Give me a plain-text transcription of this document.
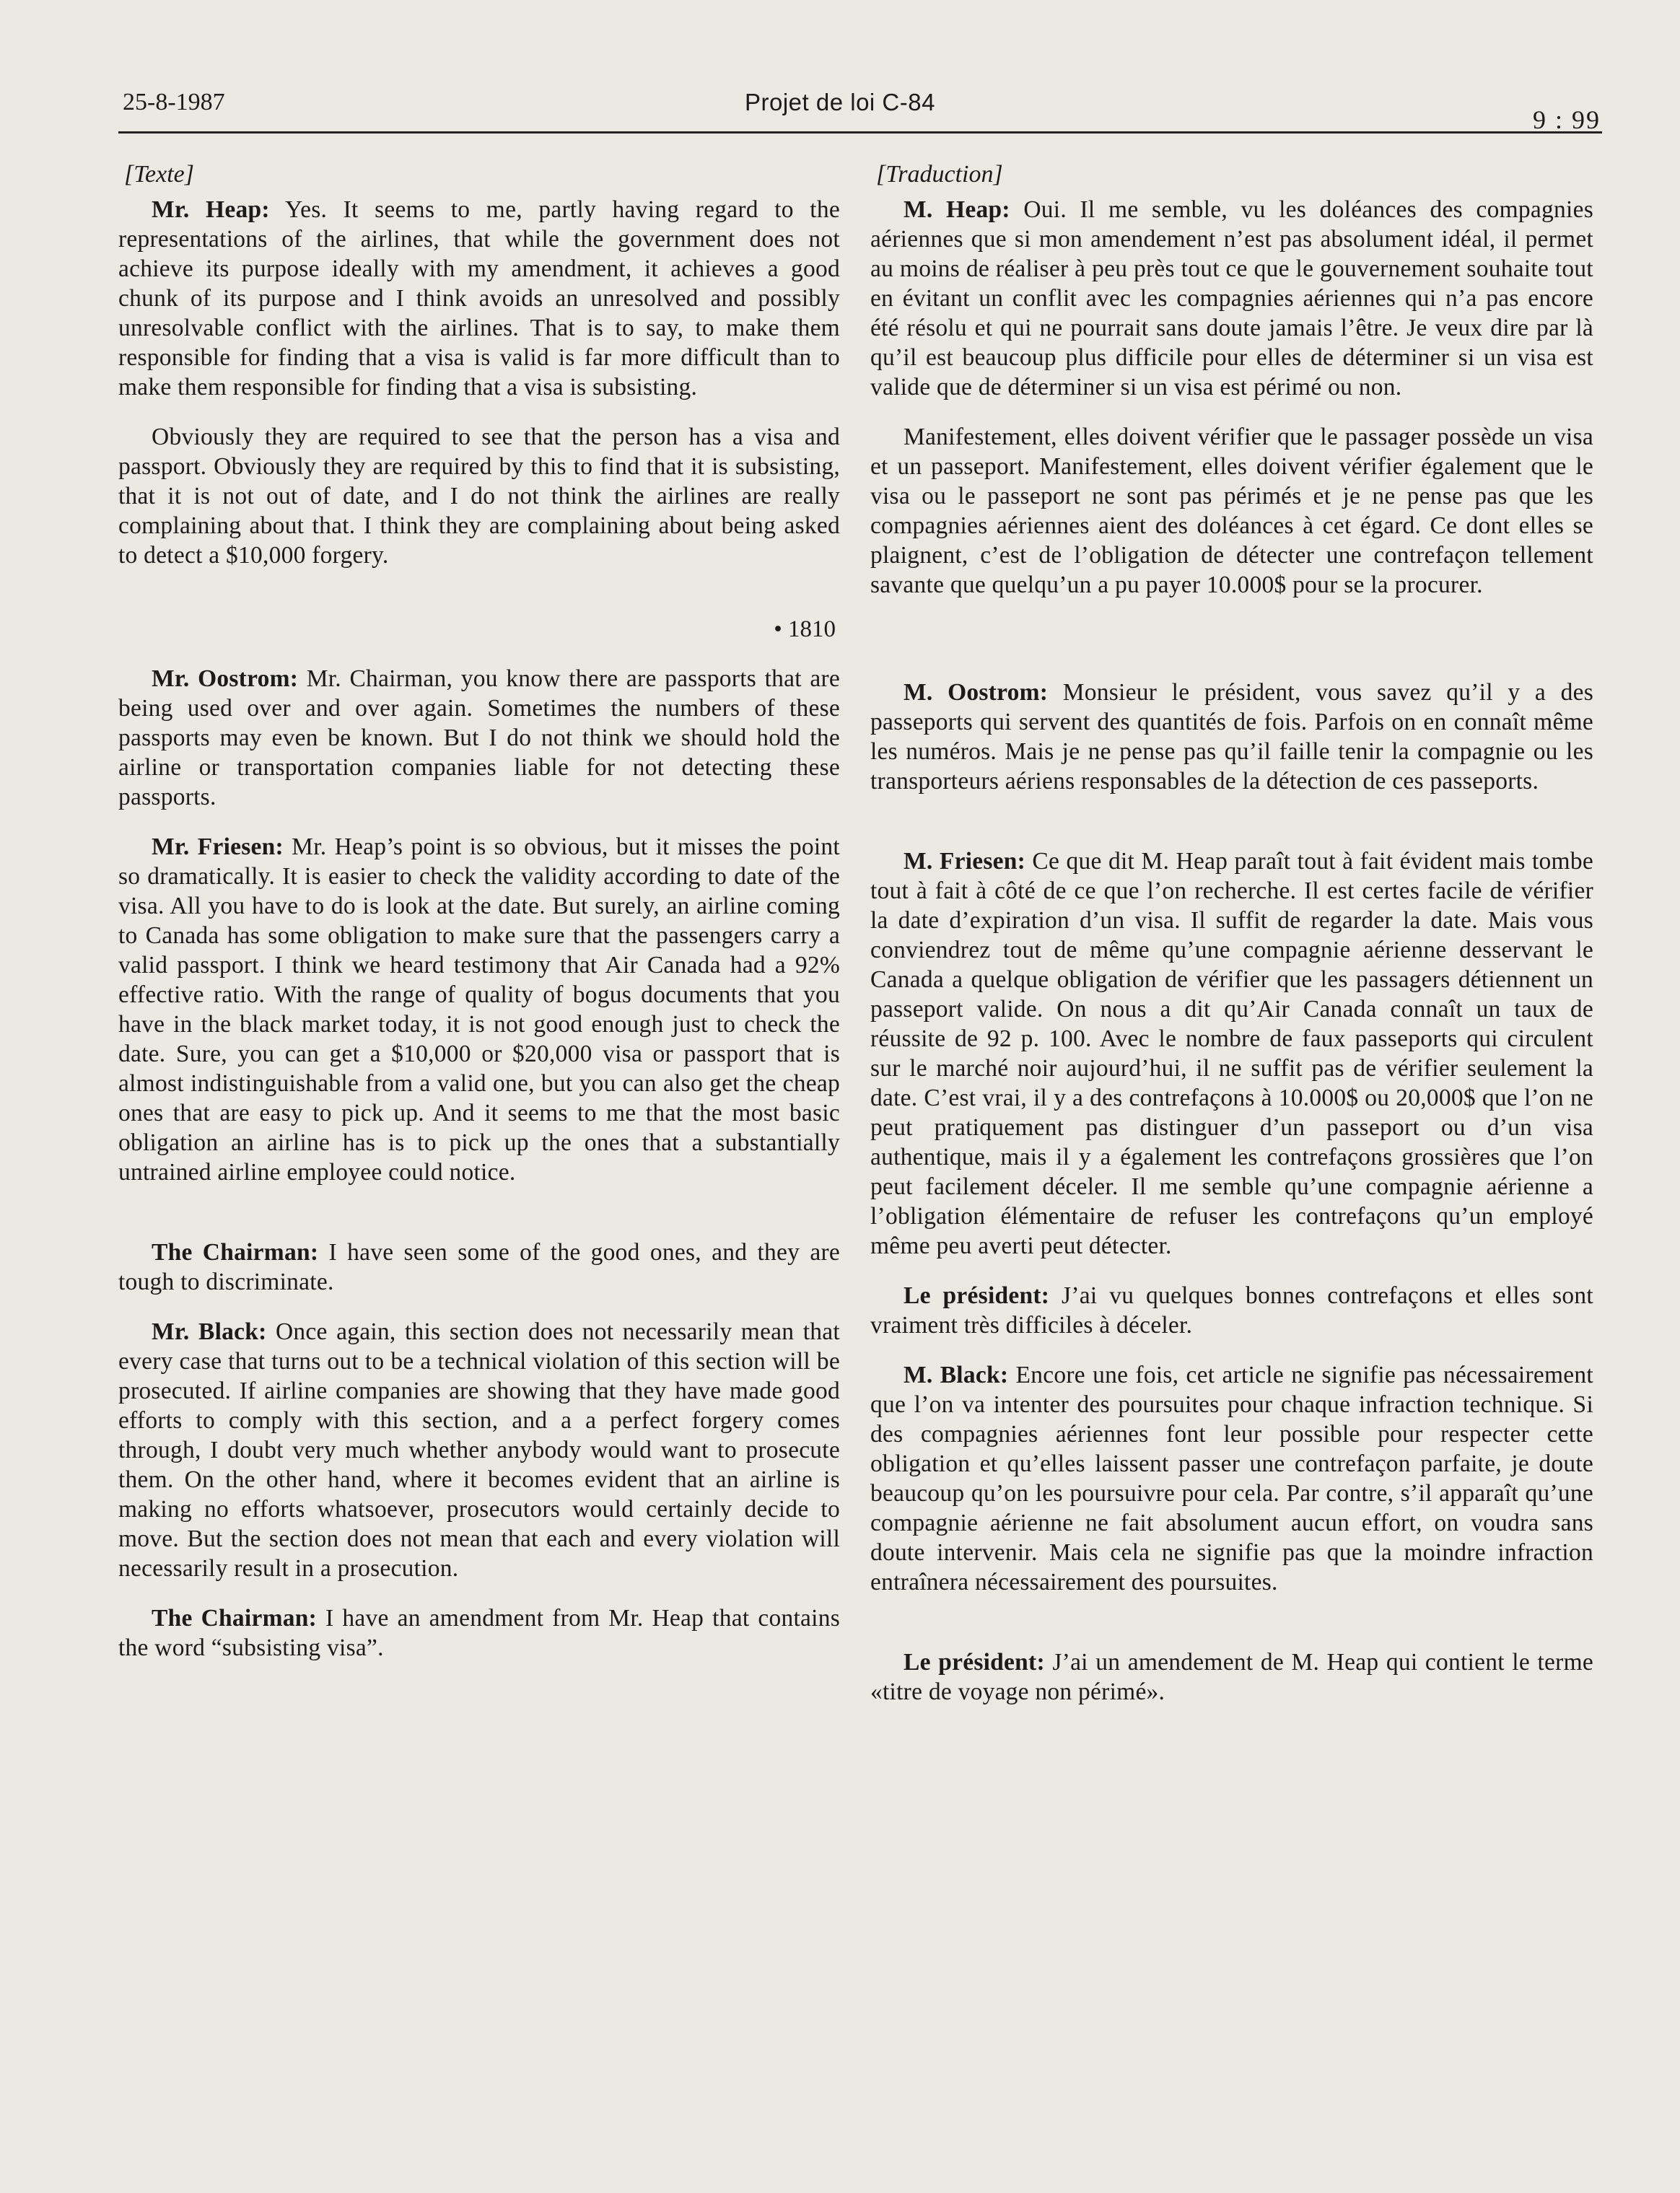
25-8-1987	Projet de loi C-84
9 : 99
[Texte]

Mr. Heap: Yes. It seems to me, partly having regard to the representations of the airlines, that while the government does not achieve its purpose ideally with my amendment, it achieves a good chunk of its purpose and I think avoids an unresolved and possibly unresolvable conflict with the airlines. That is to say, to make them responsible for finding that a visa is valid is far more difficult than to make them responsible for finding that a visa is subsisting.

Obviously they are required to see that the person has a visa and passport. Obviously they are required by this to find that it is subsisting, that it is not out of date, and I do not think the airlines are really complaining about that. I think they are complaining about being asked to detect a $10,000 forgery.

• 1810

Mr. Oostrom: Mr. Chairman, you know there are passports that are being used over and over again. Sometimes the numbers of these passports may even be known. But I do not think we should hold the airline or transportation companies liable for not detecting these passports.

Mr. Friesen: Mr. Heap’s point is so obvious, but it misses the point so dramatically. It is easier to check the validity according to date of the visa. All you have to do is look at the date. But surely, an airline coming to Canada has some obligation to make sure that the passengers carry a valid passport. I think we heard testimony that Air Canada had a 92% effective ratio. With the range of quality of bogus documents that you have in the black market today, it is not good enough just to check the date. Sure, you can get a $10,000 or $20,000 visa or passport that is almost indistinguishable from a valid one, but you can also get the cheap ones that are easy to pick up. And it seems to me that the most basic obligation an airline has is to pick up the ones that a substantially untrained airline employee could notice.

The Chairman: I have seen some of the good ones, and they are tough to discriminate.

Mr. Black: Once again, this section does not necessarily mean that every case that turns out to be a technical violation of this section will be prosecuted. If airline companies are showing that they have made good efforts to comply with this section, and a a perfect forgery comes through, I doubt very much whether anybody would want to prosecute them. On the other hand, where it becomes evident that an airline is making no efforts whatsoever, prosecutors would certainly decide to move. But the section does not mean that each and every violation will necessarily result in a prosecution.

The Chairman: I have an amendment from Mr. Heap that contains the word “subsisting visa”.

[Traduction]

M. Heap: Oui. Il me semble, vu les doléances des compagnies aériennes que si mon amendement n’est pas absolument idéal, il permet au moins de réaliser à peu près tout ce que le gouvernement souhaite tout en évitant un conflit avec les compagnies aériennes qui n’a pas encore été résolu et qui ne pourrait sans doute jamais l’être. Je veux dire par là qu’il est beaucoup plus difficile pour elles de déterminer si un visa est valide que de déterminer si un visa est périmé ou non.

Manifestement, elles doivent vérifier que le passager possède un visa et un passeport. Manifestement, elles doivent vérifier également que le visa ou le passeport ne sont pas périmés et je ne pense pas que les compagnies aériennes aient des doléances à cet égard. Ce dont elles se plaignent, c’est de l’obligation de détecter une contrefaçon tellement savante que quelqu’un a pu payer 10.000$ pour se la procurer.

M. Oostrom: Monsieur le président, vous savez qu’il y a des passeports qui servent des quantités de fois. Parfois on en connaît même les numéros. Mais je ne pense pas qu’il faille tenir la compagnie ou les transporteurs aériens responsables de la détection de ces passeports.

M. Friesen: Ce que dit M. Heap paraît tout à fait évident mais tombe tout à fait à côté de ce que l’on recherche. Il est certes facile de vérifier la date d’expiration d’un visa. Il suffit de regarder la date. Mais vous conviendrez tout de même qu’une compagnie aérienne desservant le Canada a quelque obligation de vérifier que les passagers détiennent un passeport valide. On nous a dit qu’Air Canada connaît un taux de réussite de 92 p. 100. Avec le nombre de faux passeports qui circulent sur le marché noir aujourd’hui, il ne suffit pas de vérifier seulement la date. C’est vrai, il y a des contrefaçons à 10.000$ ou 20,000$ que l’on ne peut pratiquement pas distinguer d’un passeport ou d’un visa authentique, mais il y a également les contrefaçons grossières que l’on peut facilement déceler. Il me semble qu’une compagnie aérienne a l’obligation élémentaire de refuser les contrefaçons qu’un employé même peu averti peut détecter.

Le président: J’ai vu quelques bonnes contrefaçons et elles sont vraiment très difficiles à déceler.

M. Black: Encore une fois, cet article ne signifie pas nécessairement que l’on va intenter des poursuites pour chaque infraction technique. Si des compagnies aériennes font leur possible pour respecter cette obligation et qu’elles laissent passer une contrefaçon parfaite, je doute beaucoup qu’on les poursuivre pour cela. Par contre, s’il apparaît qu’une compagnie aérienne ne fait absolument aucun effort, on voudra sans doute intervenir. Mais cela ne signifie pas que la moindre infraction entraînera nécessairement des poursuites.

Le président: J’ai un amendement de M. Heap qui contient le terme «titre de voyage non périmé».
